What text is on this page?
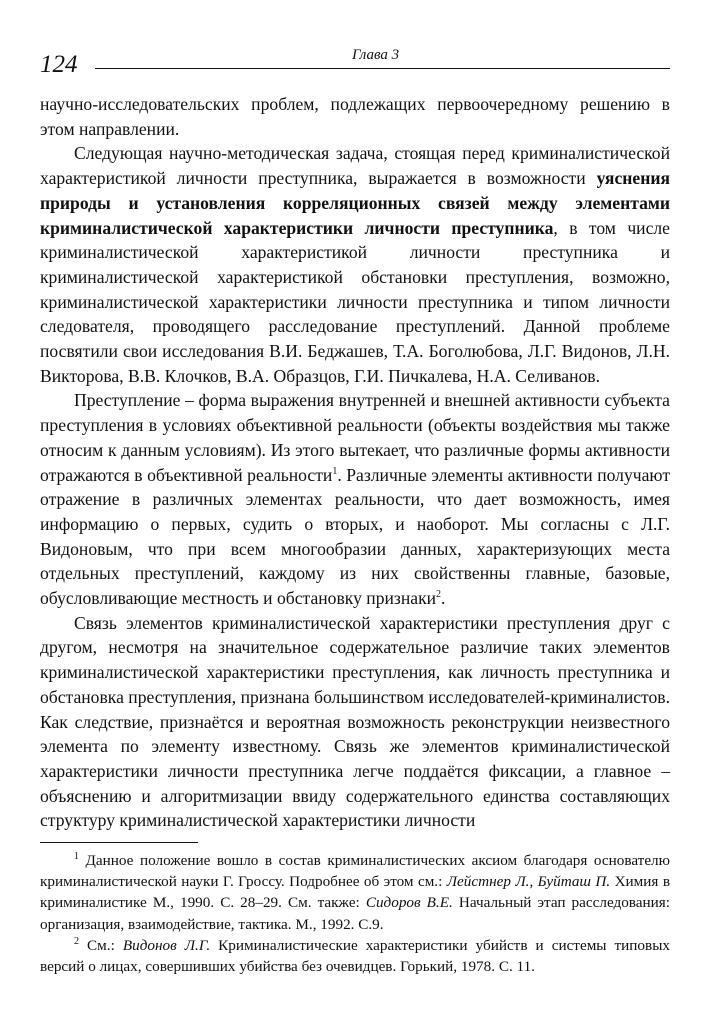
124	Глава 3

научно-исследовательских проблем, подлежащих первоочередному решению в этом направлении.

Следующая научно-методическая задача, стоящая перед криминалистической характеристикой личности преступника, выражается в возможности уяснения природы и установления корреляционных связей между элементами криминалистической характеристики личности преступника, в том числе криминалистической характеристикой личности преступника и криминалистической характеристикой обстановки преступления, возможно, криминалистической характеристики личности преступника и типом личности следователя, проводящего расследование преступлений. Данной проблеме посвятили свои исследования В.И. Беджашев, Т.А. Боголюбова, Л.Г. Видонов, Л.Н. Викторова, В.В. Клочков, В.А. Образцов, Г.И. Пичкалева, Н.А. Селиванов.

Преступление – форма выражения внутренней и внешней активности субъекта преступления в условиях объективной реальности (объекты воздействия мы также относим к данным условиям). Из этого вытекает, что различные формы активности отражаются в объективной реальности$^1$. Различные элементы активности получают отражение в различных элементах реальности, что дает возможность, имея информацию о первых, судить о вторых, и наоборот. Мы согласны с Л.Г. Видоновым, что при всем многообразии данных, характеризующих места отдельных преступлений, каждому из них свойственны главные, базовые, обусловливающие местность и обстановку признаки$^2$.

Связь элементов криминалистической характеристики преступления друг с другом, несмотря на значительное содержательное различие таких элементов криминалистической характеристики преступления, как личность преступника и обстановка преступления, признана большинством исследователей-криминалистов. Как следствие, признаётся и вероятная возможность реконструкции неизвестного элемента по элементу известному. Связь же элементов криминалистической характеристики личности преступника легче поддаётся фиксации, а главное – объяснению и алгоритмизации ввиду содержательного единства составляющих структуру криминалистической характеристики личности

$^1$ Данное положение вошло в состав криминалистических аксиом благодаря основателю криминалистической науки Г. Гроссу. Подробнее об этом см.: Лейстнер Л., Буйташ П. Химия в криминалистике М., 1990. С. 28–29. См. также: Сидоров В.Е. Начальный этап расследования: организация, взаимодействие, тактика. М., 1992. С.9.

$^2$ См.: Видонов Л.Г. Криминалистические характеристики убийств и системы типовых версий о лицах, совершивших убийства без очевидцев. Горький, 1978. С. 11.
